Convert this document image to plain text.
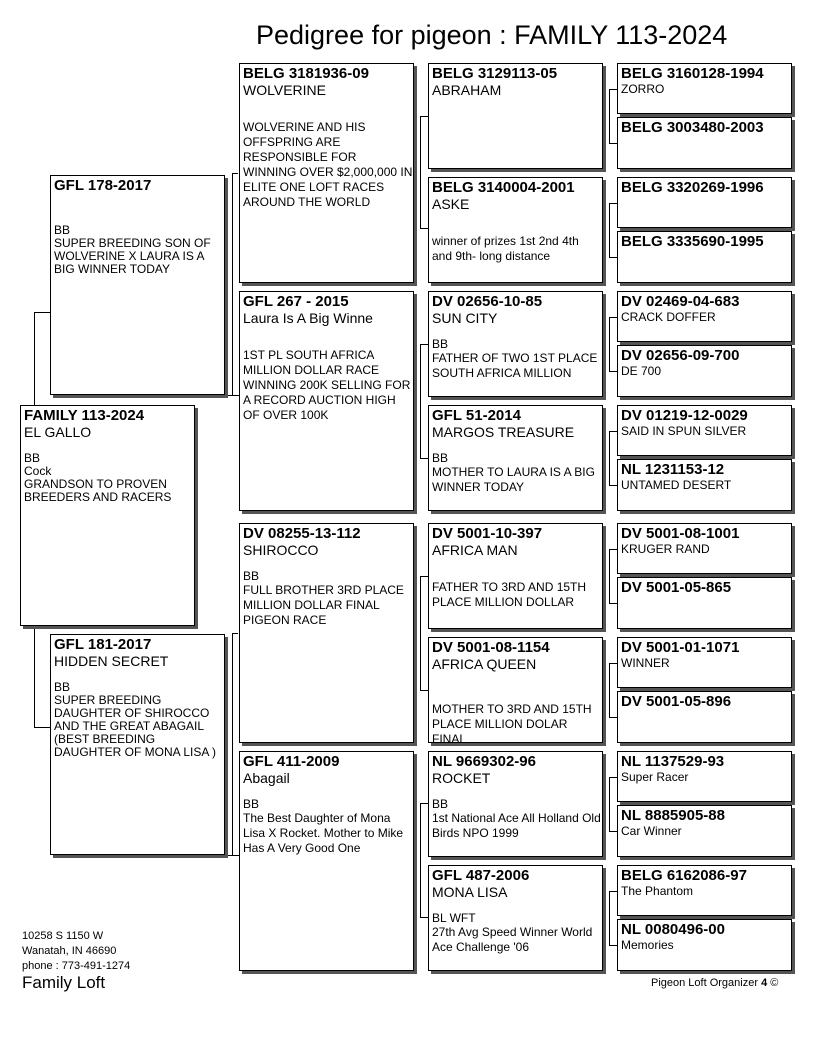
Pedigree for pigeon : FAMILY 113-2024
FAMILY 113-2024
EL GALLO
BB
Cock
GRANDSON TO PROVEN BREEDERS AND RACERS
GFL 178-2017
BB
SUPER BREEDING SON OF WOLVERINE X LAURA IS A BIG WINNER TODAY
GFL 181-2017
HIDDEN SECRET
BB
SUPER BREEDING DAUGHTER OF SHIROCCO AND THE GREAT ABAGAIL (BEST BREEDING DAUGHTER OF MONA LISA )
BELG 3181936-09
WOLVERINE
WOLVERINE AND HIS OFFSPRING ARE RESPONSIBLE FOR WINNING OVER $2,000,000 IN ELITE ONE LOFT RACES AROUND THE WORLD
GFL 267 - 2015
Laura Is A Big Winne
1ST PL SOUTH AFRICA MILLION DOLLAR RACE WINNING 200K SELLING FOR A RECORD AUCTION HIGH OF OVER 100K
DV 08255-13-112
SHIROCCO
BB
FULL BROTHER 3RD PLACE MILLION DOLLAR FINAL PIGEON RACE
GFL 411-2009
Abagail
BB
The Best Daughter of Mona Lisa X Rocket. Mother to Mike Has A Very Good One
BELG 3129113-05
ABRAHAM
BELG 3140004-2001
ASKE
winner of prizes 1st 2nd 4th and 9th- long distance
DV 02656-10-85
SUN CITY
BB
FATHER OF TWO 1ST PLACE SOUTH AFRICA MILLION
GFL 51-2014
MARGOS TREASURE
BB
MOTHER TO LAURA IS A BIG WINNER TODAY
DV 5001-10-397
AFRICA MAN
FATHER TO 3RD AND 15TH PLACE MILLION DOLLAR
DV 5001-08-1154
AFRICA QUEEN
MOTHER TO 3RD AND 15TH PLACE MILLION DOLAR FINAL
NL 9669302-96
ROCKET
BB
1st National Ace All Holland Old Birds NPO 1999
GFL 487-2006
MONA LISA
BL WFT
27th Avg Speed Winner World Ace Challenge '06
BELG 3160128-1994
ZORRO
BELG 3003480-2003
BELG 3320269-1996
BELG 3335690-1995
DV 02469-04-683
CRACK DOFFER
DV 02656-09-700
DE 700
DV 01219-12-0029
SAID IN SPUN SILVER
NL 1231153-12
UNTAMED DESERT
DV 5001-08-1001
KRUGER RAND
DV 5001-05-865
DV 5001-01-1071
WINNER
DV 5001-05-896
NL 1137529-93
Super Racer
NL 8885905-88
Car Winner
BELG 6162086-97
The Phantom
NL 0080496-00
Memories
10258 S 1150 W
Wanatah, IN 46690
phone : 773-491-1274
Family Loft	Pigeon Loft Organizer 4 ©
